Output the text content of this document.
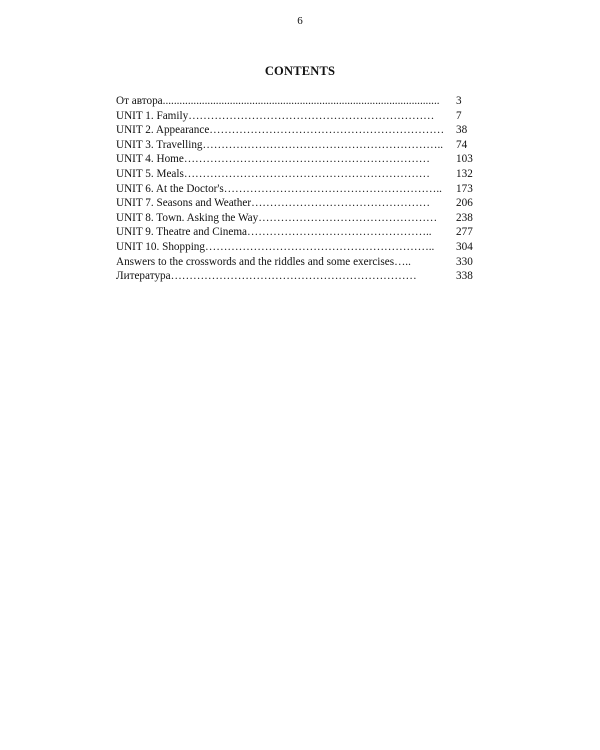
6
CONTENTS
От автора...................................................................................................	3
UNIT 1. Family…………………………………………………………	7
UNIT 2. Appearance………………………………………………………	38
UNIT 3. Travelling………………………………………………………..	74
UNIT 4. Home…………………………………………………………	103
UNIT 5. Meals…………………………………………………………	132
UNIT 6. At the Doctor's…………………………………………………..	173
UNIT 7. Seasons and Weather…………………………………………	206
UNIT 8. Town. Asking the Way…………………………………………	238
UNIT 9. Theatre and Cinema…………………………………………..	277
UNIT 10. Shopping……………………………………………………..	304
Answers to the crosswords and the riddles and some exercises…..	330
Литература…………………………………………………………	338
